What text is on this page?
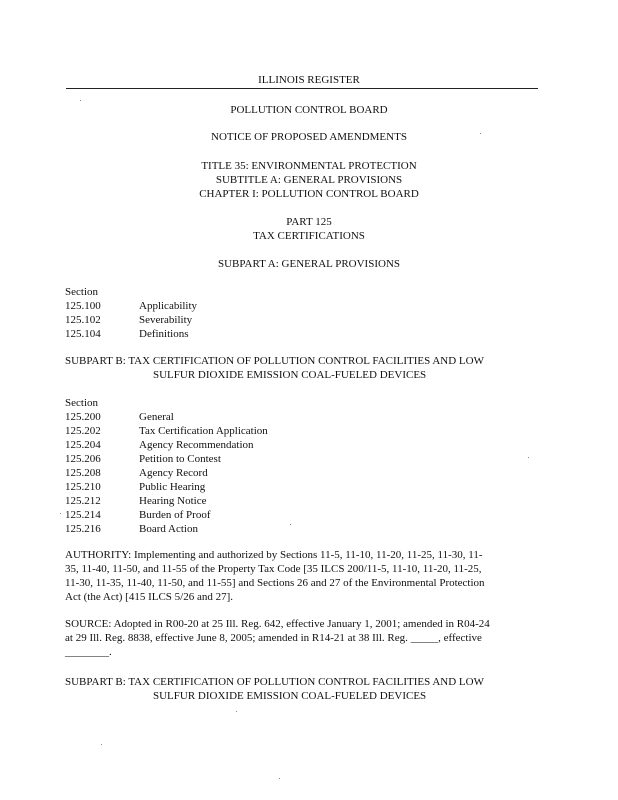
ILLINOIS REGISTER
POLLUTION CONTROL BOARD
NOTICE OF PROPOSED AMENDMENTS
TITLE 35: ENVIRONMENTAL PROTECTION
SUBTITLE A: GENERAL PROVISIONS
CHAPTER I: POLLUTION CONTROL BOARD
PART 125
TAX CERTIFICATIONS
SUBPART A: GENERAL PROVISIONS
Section
125.100	Applicability
125.102	Severability
125.104	Definitions
SUBPART B: TAX CERTIFICATION OF POLLUTION CONTROL FACILITIES AND LOW
SULFUR DIOXIDE EMISSION COAL-FUELED DEVICES
Section
125.200	General
125.202	Tax Certification Application
125.204	Agency Recommendation
125.206	Petition to Contest
125.208	Agency Record
125.210	Public Hearing
125.212	Hearing Notice
125.214	Burden of Proof
125.216	Board Action
AUTHORITY: Implementing and authorized by Sections 11-5, 11-10, 11-20, 11-25, 11-30, 11-
35, 11-40, 11-50, and 11-55 of the Property Tax Code [35 ILCS 200/11-5, 11-10, 11-20, 11-25,
11-30, 11-35, 11-40, 11-50, and 11-55] and Sections 26 and 27 of the Environmental Protection
Act (the Act) [415 ILCS 5/26 and 27].
SOURCE: Adopted in R00-20 at 25 Ill. Reg. 642, effective January 1, 2001; amended in R04-24
at 29 Ill. Reg. 8838, effective June 8, 2005; amended in R14-21 at 38 Ill. Reg. _____, effective
________.
SUBPART B: TAX CERTIFICATION OF POLLUTION CONTROL FACILITIES AND LOW
SULFUR DIOXIDE EMISSION COAL-FUELED DEVICES
